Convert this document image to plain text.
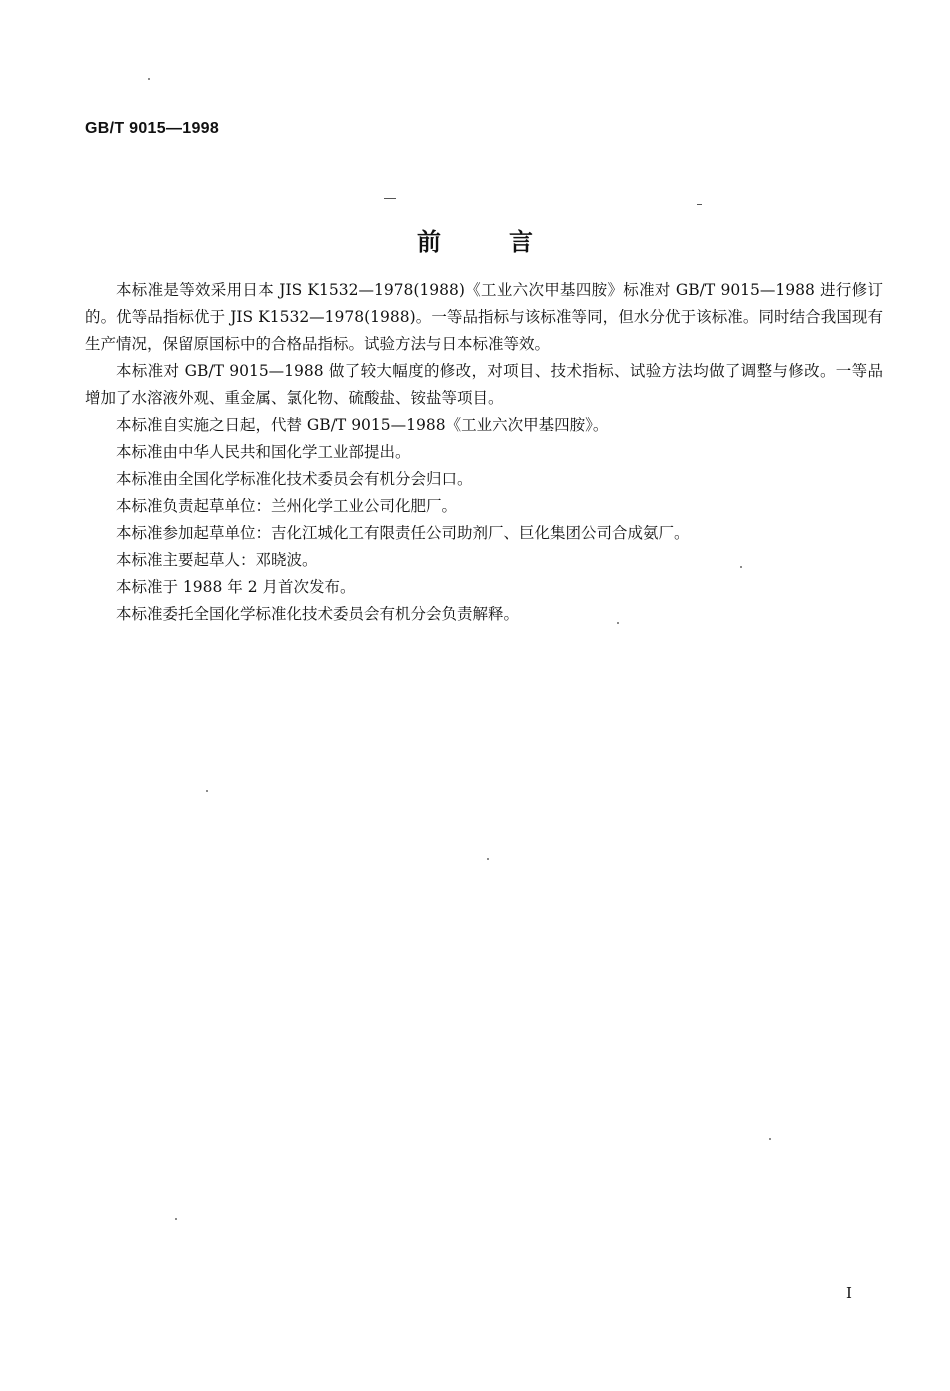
GB/T 9015—1998
前言

本标准是等效采用日本 JIS K1532—1978(1988)《工业六次甲基四胺》标准对 GB/T 9015—1988 进行修订的。优等品指标优于 JIS K1532—1978(1988)。一等品指标与该标准等同，但水分优于该标准。同时结合我国现有生产情况，保留原国标中的合格品指标。试验方法与日本标准等效。

本标准对 GB/T 9015—1988 做了较大幅度的修改，对项目、技术指标、试验方法均做了调整与修改。一等品增加了水溶液外观、重金属、氯化物、硫酸盐、铵盐等项目。

本标准自实施之日起，代替 GB/T 9015—1988《工业六次甲基四胺》。

本标准由中华人民共和国化学工业部提出。

本标准由全国化学标准化技术委员会有机分会归口。

本标准负责起草单位：兰州化学工业公司化肥厂。

本标准参加起草单位：吉化江城化工有限责任公司助剂厂、巨化集团公司合成氨厂。

本标准主要起草人：邓晓波。

本标准于 1988 年 2 月首次发布。

本标准委托全国化学标准化技术委员会有机分会负责解释。

I
